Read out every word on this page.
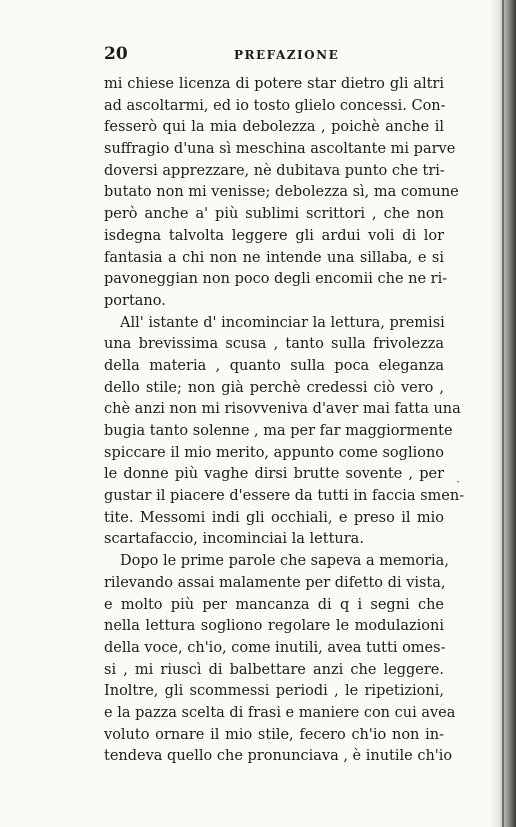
20	PREFAZIONE
mi chiese licenza di potere star dietro gli altri
ad ascoltarmi, ed io tosto glielo concessi. Con-
fesserò qui la mia debolezza , poichè anche il
suffragio d'una sì meschina ascoltante mi parve
doversi apprezzare, nè dubitava punto che tri-
butato non mi venisse; debolezza sì, ma comune
però anche a' più sublimi scrittori , che non
isdegna talvolta leggere gli ardui voli di lor
fantasia a chi non ne intende una sillaba, e si
pavoneggian non poco degli encomii che ne ri-
portano.
All' istante d' incominciar la lettura, premisi
una brevissima scusa , tanto sulla frivolezza
della materia , quanto sulla poca eleganza
dello stile; non già perchè credessi ciò vero ,
chè anzi non mi risovveniva d'aver mai fatta una
bugia tanto solenne , ma per far maggiormente
spiccare il mio merito, appunto come sogliono
le donne più vaghe dirsi brutte sovente , per
gustar il piacere d'essere da tutti in faccia smen-
tite. Messomi indi gli occhiali, e preso il mio
scartafaccio, incominciai la lettura.
Dopo le prime parole che sapeva a memoria,
rilevando assai malamente per difetto di vista,
e molto più per mancanza di q i segni che
nella lettura sogliono regolare le modulazioni
della voce, ch'io, come inutili, avea tutti omes-
si , mi riuscì di balbettare anzi che leggere.
Inoltre, gli scommessi periodi , le ripetizioni,
e la pazza scelta di frasi e maniere con cui avea
voluto ornare il mio stile, fecero ch'io non in-
tendeva quello che pronunciava , è inutile ch'io
·
